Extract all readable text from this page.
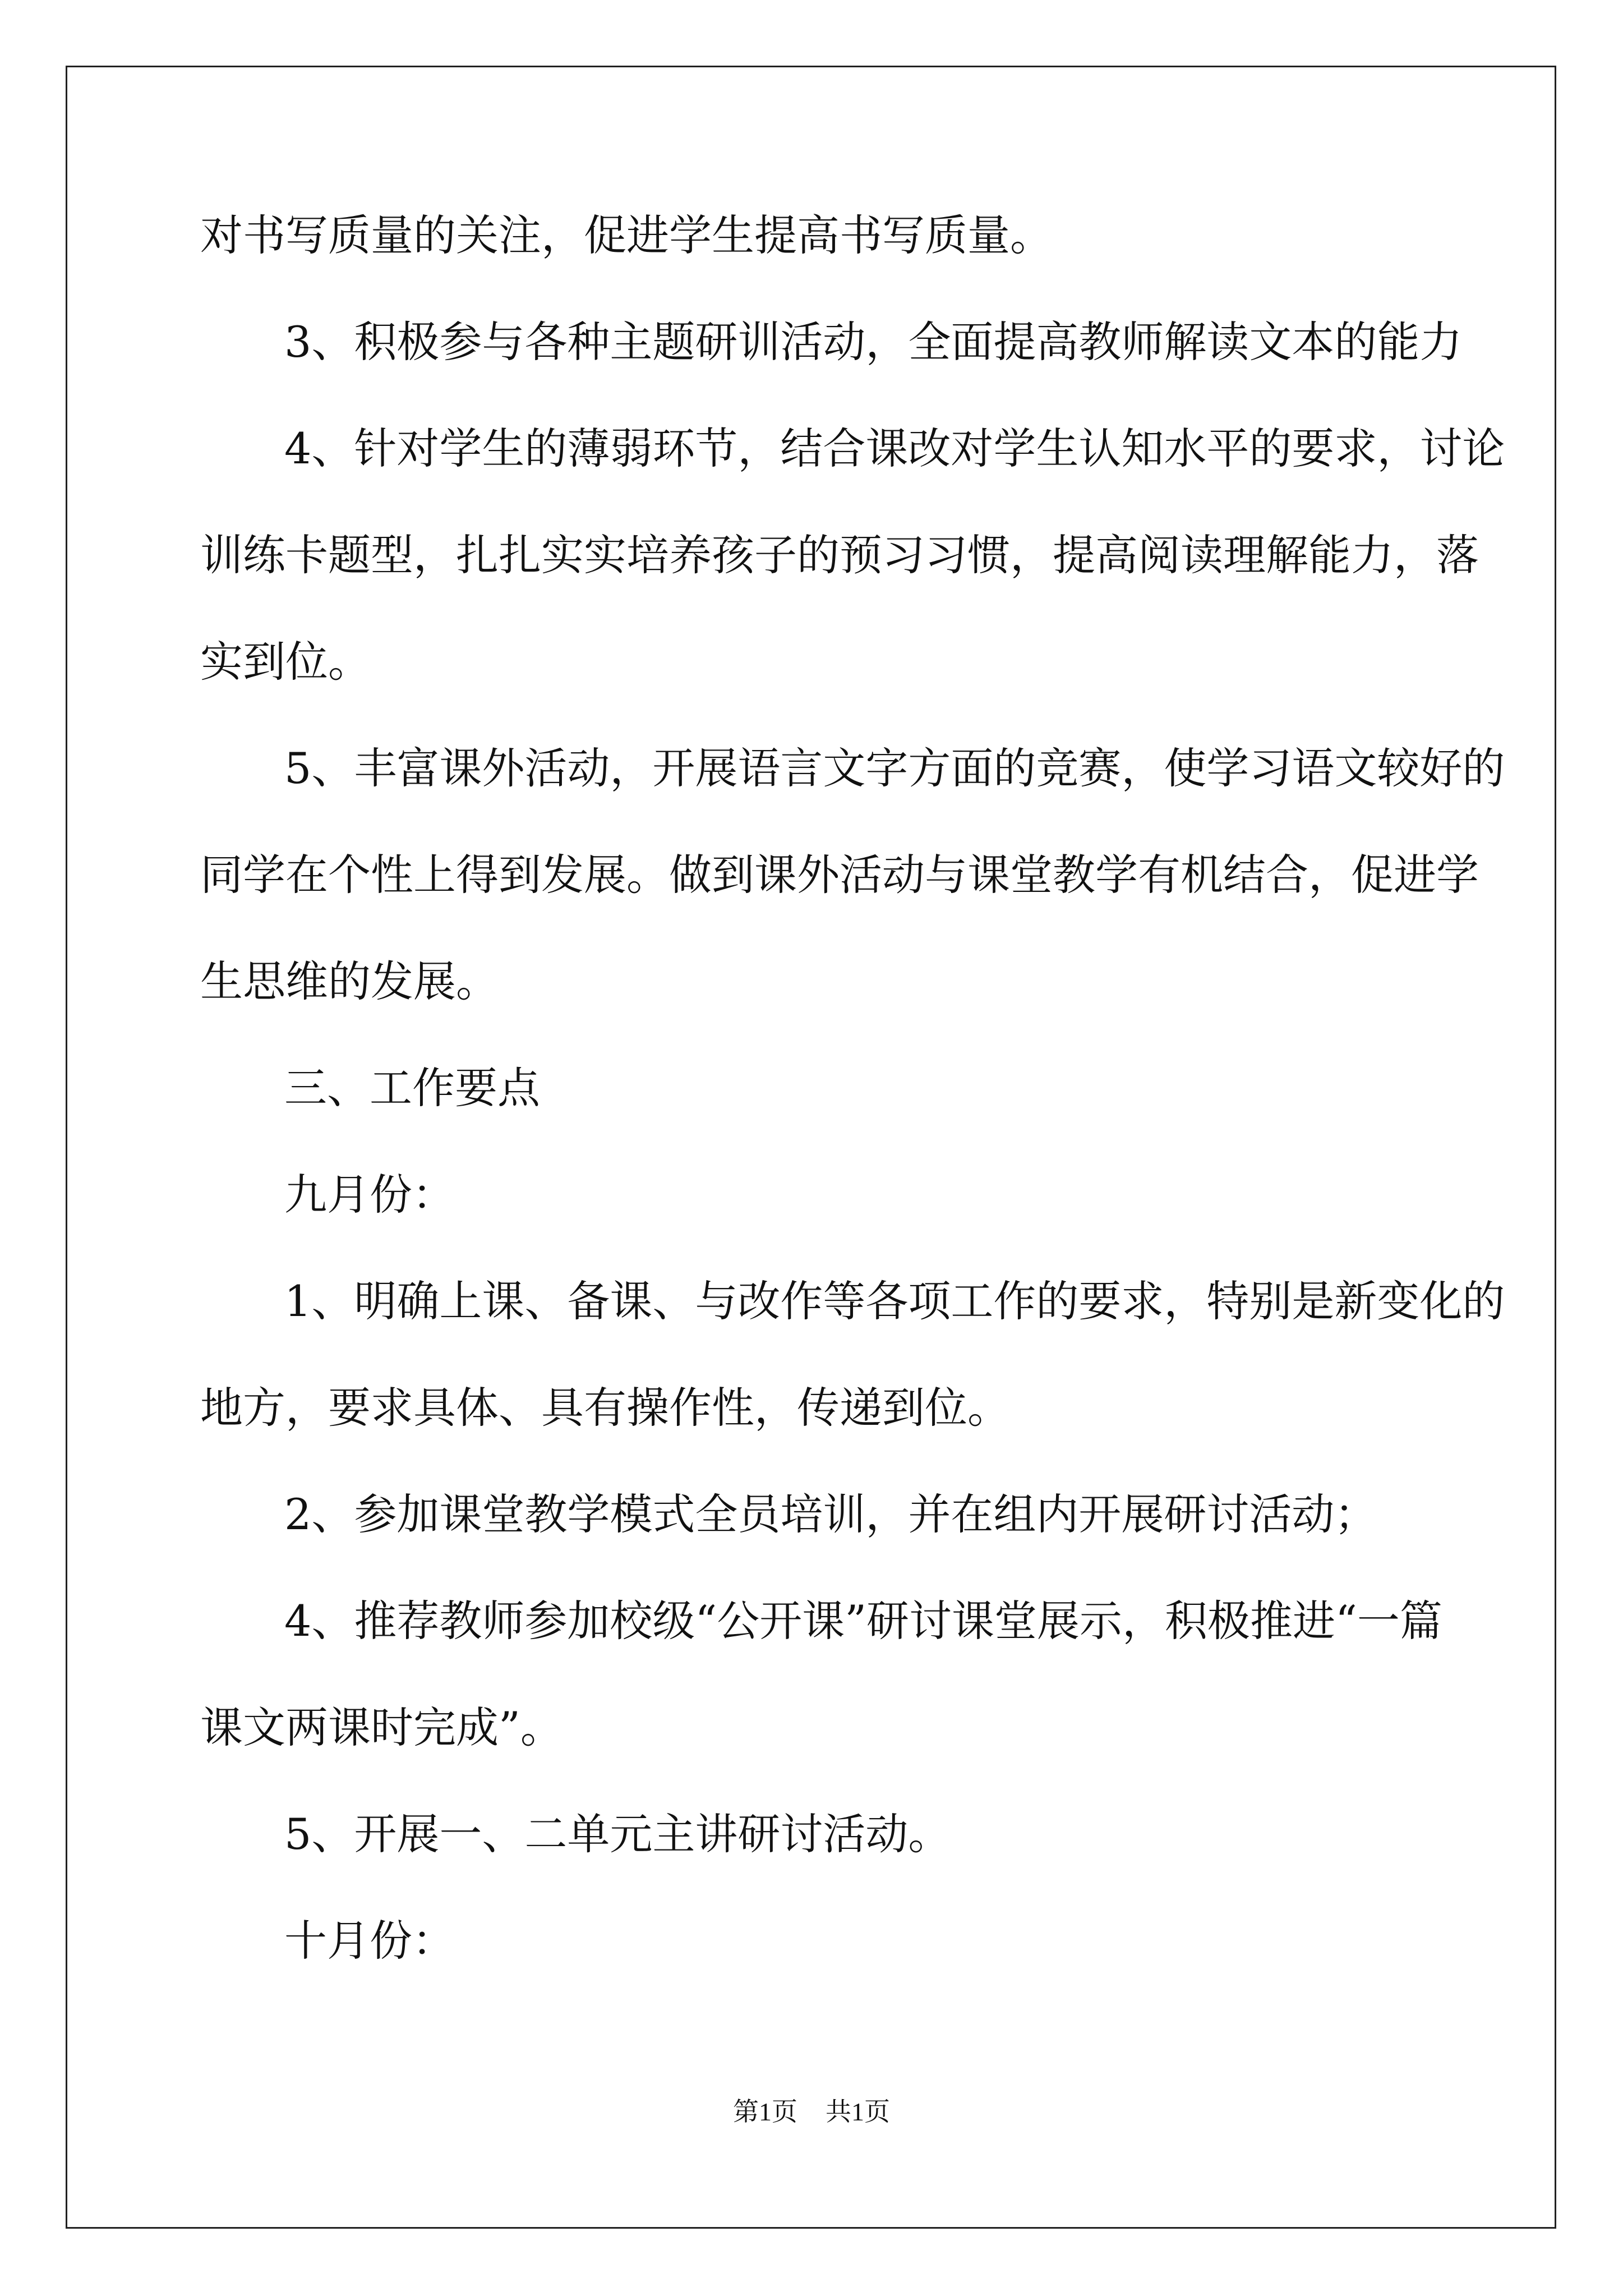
对书写质量的关注，促进学生提高书写质量。
3、积极参与各种主题研训活动，全面提高教师解读文本的能力
4、针对学生的薄弱环节，结合课改对学生认知水平的要求，讨论
训练卡题型，扎扎实实培养孩子的预习习惯，提高阅读理解能力，落
实到位。
5、丰富课外活动，开展语言文字方面的竞赛，使学习语文较好的
同学在个性上得到发展。做到课外活动与课堂教学有机结合，促进学
生思维的发展。
三、工作要点
九月份：
1、明确上课、备课、与改作等各项工作的要求，特别是新变化的
地方，要求具体、具有操作性，传递到位。
2、参加课堂教学模式全员培训，并在组内开展研讨活动；
4、推荐教师参加校级“公开课”研讨课堂展示，积极推进“一篇
课文两课时完成”。
5、开展一、二单元主讲研讨活动。
十月份：
第1页 共1页
